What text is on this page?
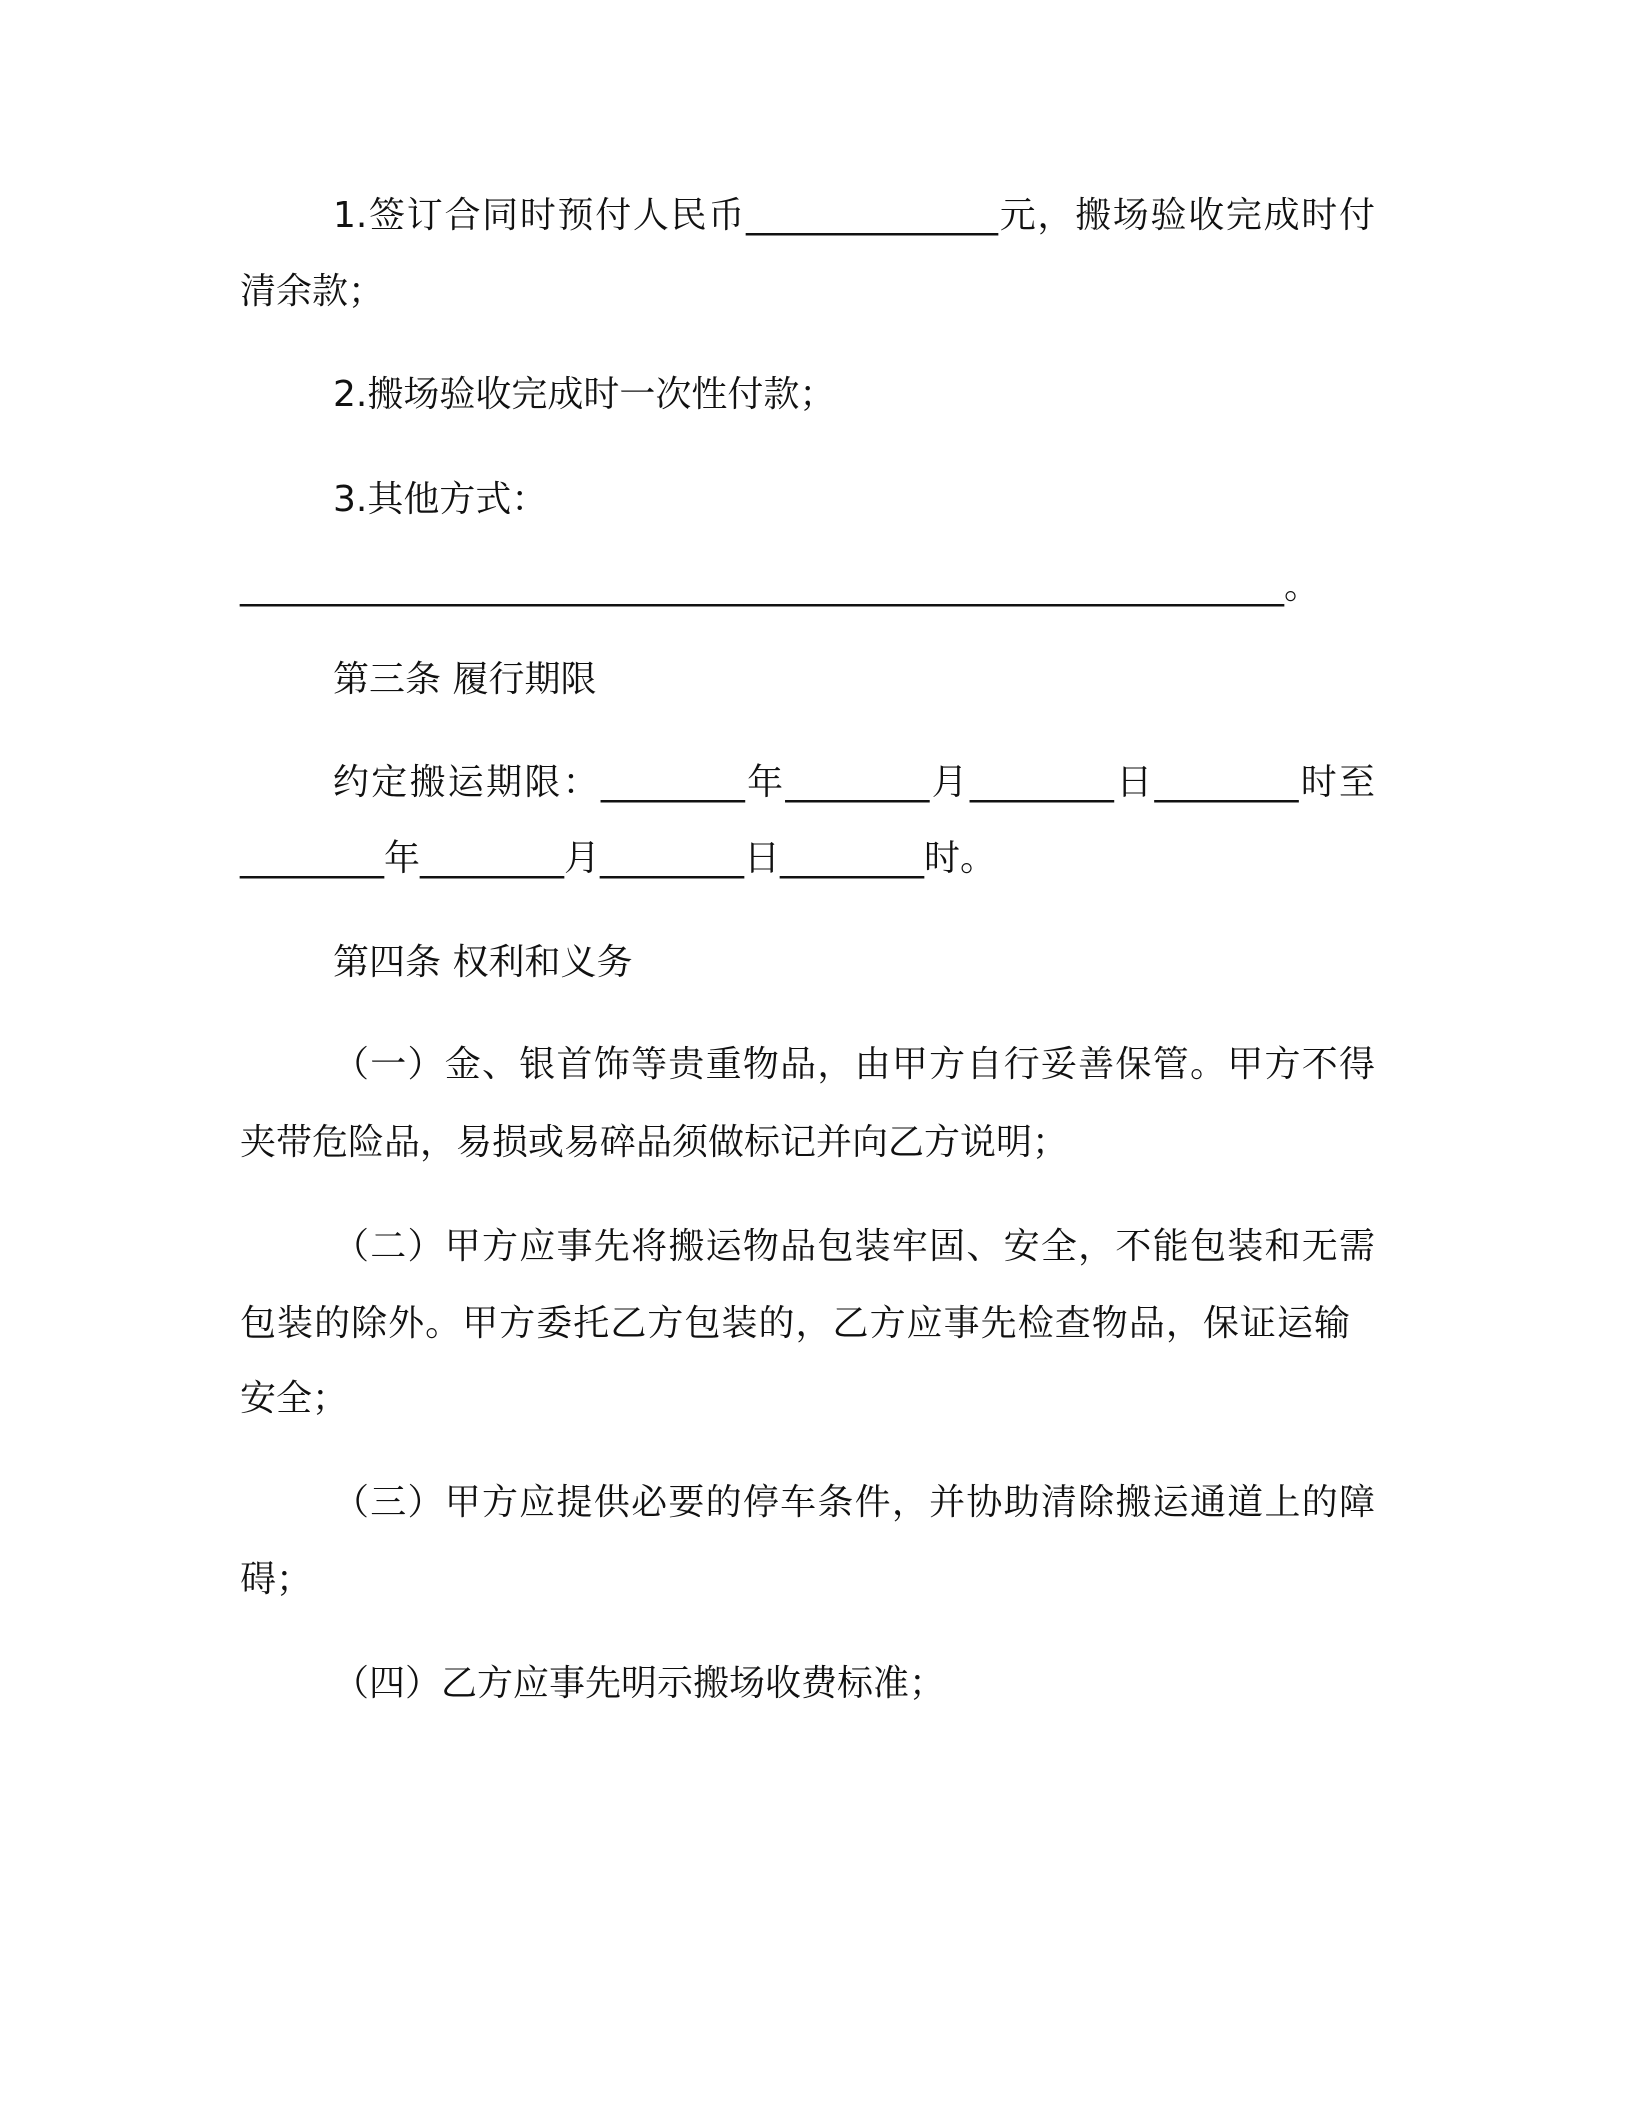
1.签订合同时预付人民币______________元，搬场验收完成时付
清余款；
2.搬场验收完成时一次性付款；
3.其他方式：
__________________________________________________________。
第三条 履行期限
约定搬运期限：________年________月________日________时至
________年________月________日________时。
第四条 权利和义务
（一）金、银首饰等贵重物品，由甲方自行妥善保管。甲方不得
夹带危险品，易损或易碎品须做标记并向乙方说明；
（二）甲方应事先将搬运物品包装牢固、安全，不能包装和无需
包装的除外。甲方委托乙方包装的，乙方应事先检查物品，保证运输
安全；
（三）甲方应提供必要的停车条件，并协助清除搬运通道上的障
碍；
（四）乙方应事先明示搬场收费标准；
